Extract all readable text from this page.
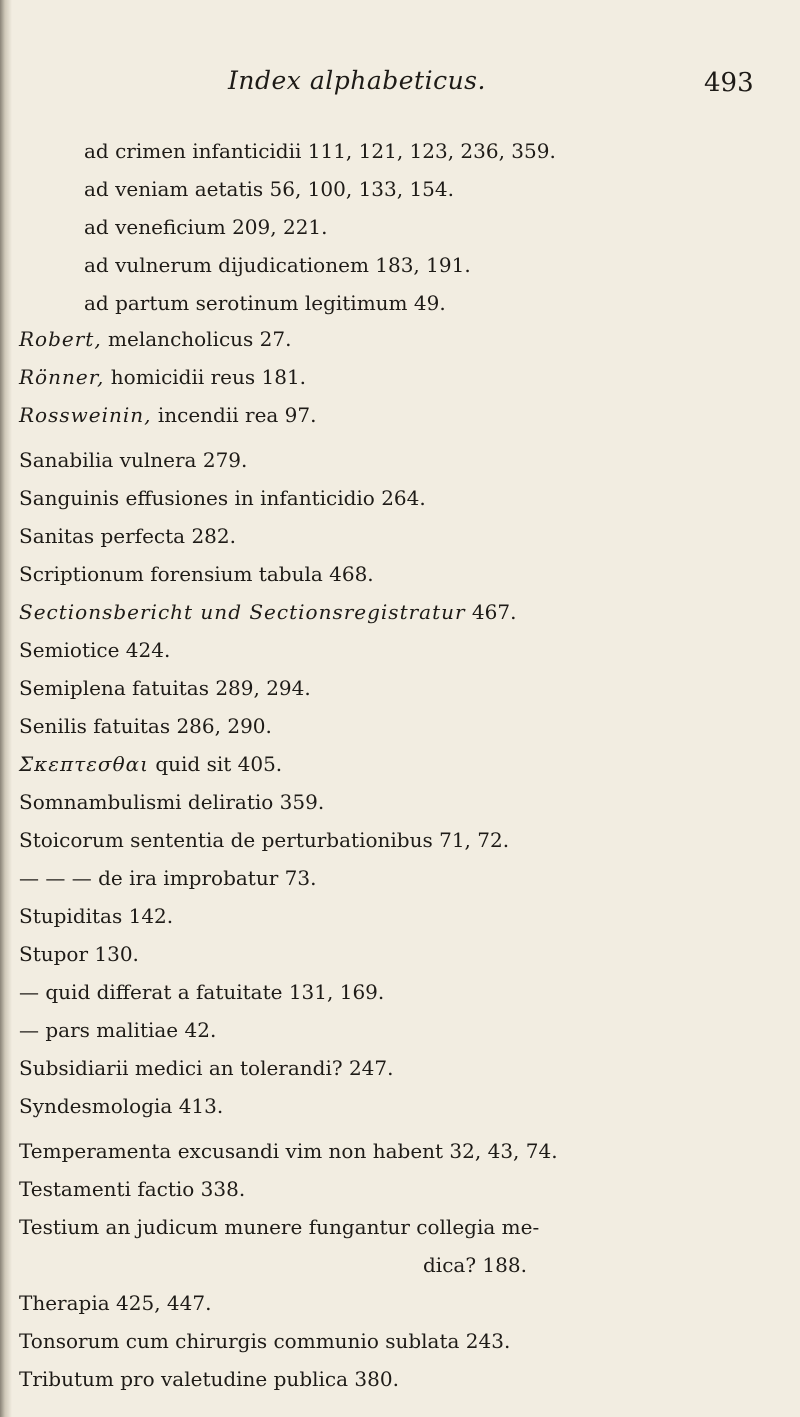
Index alphabeticus.	493
ad crimen infanticidii 111, 121, 123, 236, 359.
ad veniam aetatis 56, 100, 133, 154.
ad veneficium 209, 221.
ad vulnerum dijudicationem 183, 191.
ad partum serotinum legitimum 49.
Robert, melancholicus 27.
Rönner, homicidii reus 181.
Rossweinin, incendii rea 97.
Sanabilia vulnera 279.
Sanguinis effusiones in infanticidio 264.
Sanitas perfecta 282.
Scriptionum forensium tabula 468.
Sectionsbericht und Sectionsregistratur 467.
Semiotice 424.
Semiplena fatuitas 289, 294.
Senilis fatuitas 286, 290.
Σκεπτεσθαι quid sit 405.
Somnambulismi deliratio 359.
Stoicorum sententia de perturbationibus 71, 72.
— — — de ira improbatur 73.
Stupiditas 142.
Stupor 130.
— quid differat a fatuitate 131, 169.
— pars malitiae 42.
Subsidiarii medici an tolerandi? 247.
Syndesmologia 413.
Temperamenta excusandi vim non habent 32, 43, 74.
Testamenti factio 338.
Testium an judicum munere fungantur collegia me-
dica? 188.
Therapia 425, 447.
Tonsorum cum chirurgis communio sublata 243.
Tributum pro valetudine publica 380.
